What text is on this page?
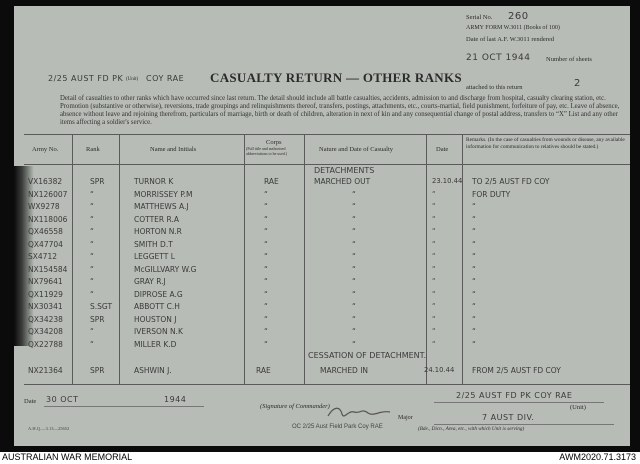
Serial No. 260
ARMY FORM W.3011 (Books of 100)
Date of last A.F. W.3011 rendered
21 OCT 1944 Number of sheets
2/25 AUST FD PK (Unit) COY RAE CASUALTY RETURN — OTHER RANKS
attached to this return	2
Detail of casualties to other ranks which have occurred since last return. The detail should include all battle casualties, accidents, admission to and discharge from hospital, casualty clearing station, etc. Promotion (substantive or otherwise), reversions, trade groupings and relinquishments thereof, transfers, postings, attachments, etc., courts-martial, field punishment, forfeiture of pay, etc. Leave of absence, absence without leave and rejoining therefrom, particulars of marriage, birth or death of children, alteration in next of kin and any consequential change of postal address, transfers to “X” List and any other items affecting a soldier's service.
Army No.	Rank	Name and Initials
Corps
(Full title and authorised abbreviations to be used.)
Nature and Date of Casualty	Date
Remarks. (In the case of casualties from wounds or disease, any available information for communication to relatives should be stated.)
DETACHMENTS
VX16382	SPR	TURNOR K	RAE	MARCHED OUT	23.10.44 TO 2/5 AUST FD COY
NX126007	“	MORRISSEY P.M	“	“	“	FOR DUTY
WX9278	“	MATTHEWS A.J	“	“	“	“
NX118006	“	COTTER R.A	“	“	“	“
QX46558	“	HORTON N.R	“	“	“	“
QX47704	“	SMITH D.T	“	“	“	“
SX4712	“	LEGGETT L	“	“	“	“
NX154584	“	McGILLVARY W.G	“	“	“	“
NX79641	“	GRAY R.J	“	“	“	“
QX11929	“	DIPROSE A.G	“	“	“	“
NX30341	S.SGT	ABBOTT C.H	“	“	“	“
QX34238	SPR	HOUSTON J	“	“	“	“
QX34208	“	IVERSON N.K	“	“	“	“
QX22788	“	MILLER K.D	“	“	“	“
CESSATION OF DETACHMENT.
NX21364	SPR	ASHWIN J.	RAE	MARCHED IN	24.10.44 FROM 2/5 AUST FD COY
Date 30 OCT	1944
(Signature of Commander)
Major
OC 2/25 Aust Field Park Coy RAE
2/25 AUST FD PK COY RAE
(Unit)
7 AUST DIV.
(Bde., Dicn., Area, etc., with which Unit is serving)
A.H.Q.—3.13—25652
AUSTRALIAN WAR MEMORIAL	AWM2020.71.3173
